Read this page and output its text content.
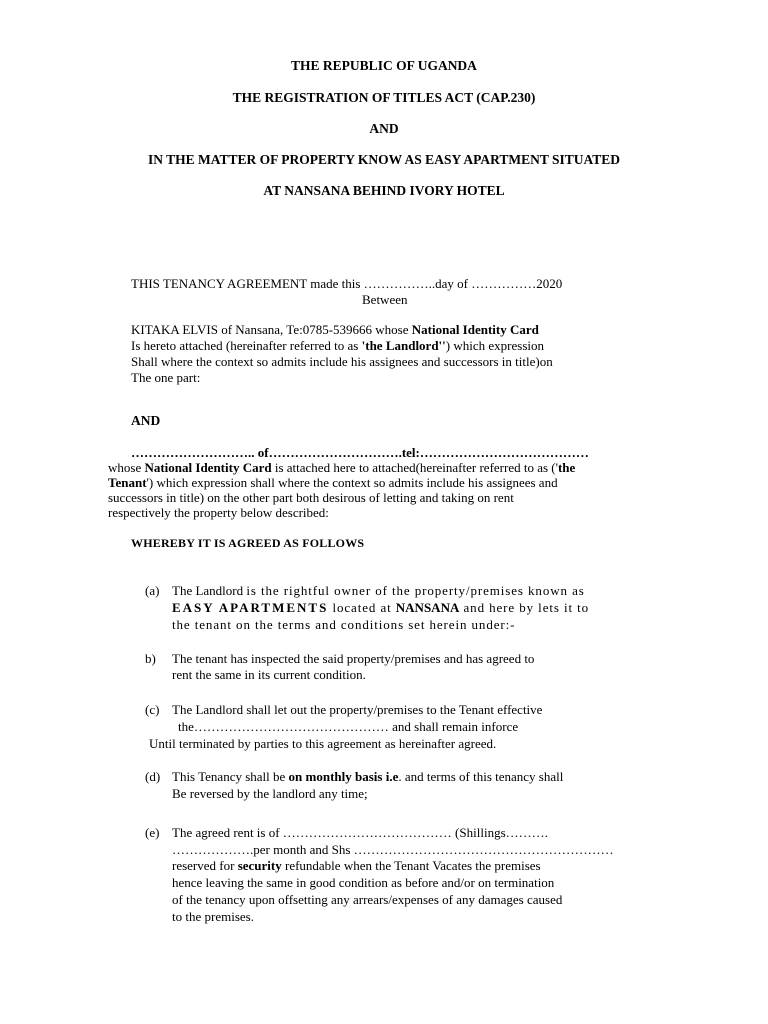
THE REPUBLIC OF UGANDA
THE REGISTRATION OF TITLES ACT (CAP.230)
AND
IN THE MATTER OF PROPERTY KNOW AS EASY APARTMENT SITUATED
AT NANSANA BEHIND IVORY HOTEL
THIS TENANCY AGREEMENT made this ……………..day of ……………2020
Between
KITAKA ELVIS of Nansana, Te:0785-539666 whose National Identity Card
Is hereto attached (hereinafter referred to as 'the Landlord'') which expression
Shall where the context so admits include his assignees and successors in title)on
The one part:
AND
……………………….. of………………………….tel:…………………………………
whose National Identity Card is attached here to attached(hereinafter referred to as ('the
Tenant') which expression shall where the context so admits include his assignees and
successors in title) on the other part both desirous of letting and taking on rent
respectively the property below described:
WHEREBY IT IS AGREED AS FOLLOWS
(a) The Landlord is the rightful owner of the property/premises known as
EASY APARTMENTS located at NANSANA and here by lets it to
the tenant on the terms and conditions set herein under:-
b) The tenant has inspected the said property/premises and has agreed to
rent the same in its current condition.
(c) The Landlord shall let out the property/premises to the Tenant effective
the……………………………………… and shall remain inforce
Until terminated by parties to this agreement as hereinafter agreed.
(d) This Tenancy shall be on monthly basis i.e. and terms of this tenancy shall
Be reversed by the landlord any time;
(e) The agreed rent is of ………………………………… (Shillings……….
……………….per month and Shs ……………………………………………………
reserved for security refundable when the Tenant Vacates the premises
hence leaving the same in good condition as before and/or on termination
of the tenancy upon offsetting any arrears/expenses of any damages caused
to the premises.
